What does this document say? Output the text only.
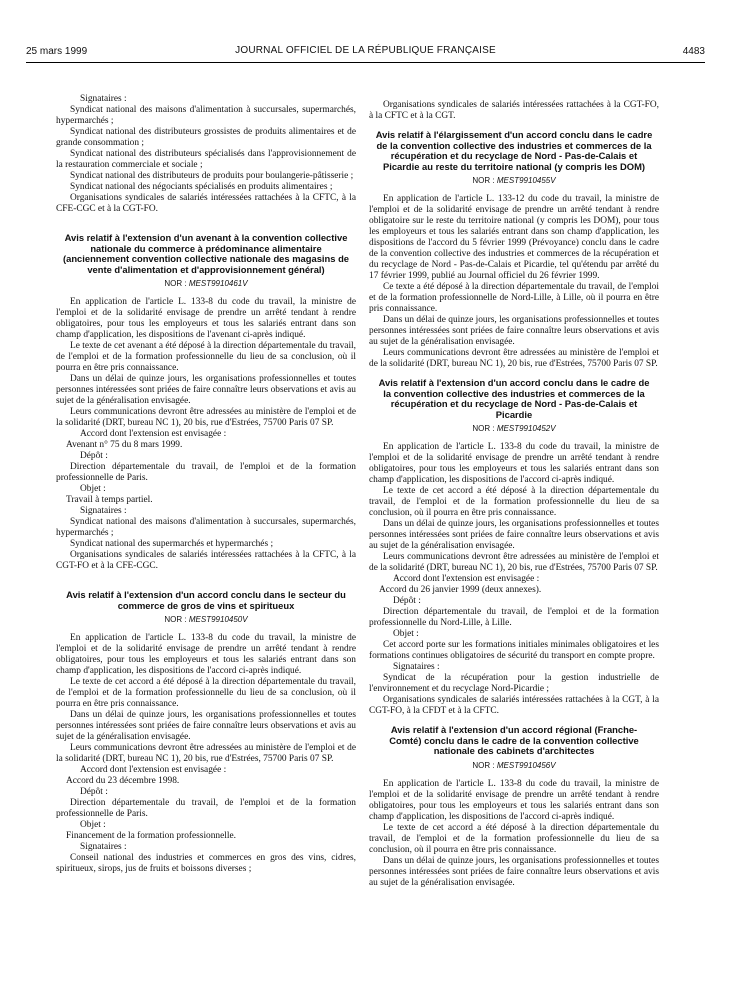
25 mars 1999	JOURNAL OFFICIEL DE LA RÉPUBLIQUE FRANÇAISE	4483

Signataires :

Syndicat national des maisons d'alimentation à succursales, supermarchés, hypermarchés ;

Syndicat national des distributeurs grossistes de produits alimentaires et de grande consommation ;

Syndicat national des distributeurs spécialisés dans l'approvisionnement de la restauration commerciale et sociale ;

Syndicat national des distributeurs de produits pour boulangerie-pâtisserie ;

Syndicat national des négociants spécialisés en produits alimentaires ;

Organisations syndicales de salariés intéressées rattachées à la CFTC, à la CFE-CGC et à la CGT-FO.

Avis relatif à l'extension d'un avenant à la convention collective nationale du commerce à prédominance alimentaire (anciennement convention collective nationale des magasins de vente d'alimentation et d'approvisionnement général)
NOR : MEST9910461V

En application de l'article L. 133-8 du code du travail, la ministre de l'emploi et de la solidarité envisage de prendre un arrêté tendant à rendre obligatoires, pour tous les employeurs et tous les salariés entrant dans son champ d'application, les dispositions de l'avenant ci-après indiqué.

Le texte de cet avenant a été déposé à la direction départementale du travail, de l'emploi et de la formation professionnelle du lieu de sa conclusion, où il pourra en être pris connaissance.

Dans un délai de quinze jours, les organisations professionnelles et toutes personnes intéressées sont priées de faire connaître leurs observations et avis au sujet de la généralisation envisagée.

Leurs communications devront être adressées au ministère de l'emploi et de la solidarité (DRT, bureau NC 1), 20 bis, rue d'Estrées, 75700 Paris 07 SP.

Accord dont l'extension est envisagée :

Avenant n° 75 du 8 mars 1999.

Dépôt :

Direction départementale du travail, de l'emploi et de la formation professionnelle de Paris.

Objet :

Travail à temps partiel.

Signataires :

Syndicat national des maisons d'alimentation à succursales, supermarchés, hypermarchés ;

Syndicat national des supermarchés et hypermarchés ;

Organisations syndicales de salariés intéressées rattachées à la CFTC, à la CGT-FO et à la CFE-CGC.

Avis relatif à l'extension d'un accord conclu dans le secteur du commerce de gros de vins et spiritueux
NOR : MEST9910450V

En application de l'article L. 133-8 du code du travail, la ministre de l'emploi et de la solidarité envisage de prendre un arrêté tendant à rendre obligatoires, pour tous les employeurs et tous les salariés entrant dans son champ d'application, les dispositions de l'accord ci-après indiqué.

Le texte de cet accord a été déposé à la direction départementale du travail, de l'emploi et de la formation professionnelle du lieu de sa conclusion, où il pourra en être pris connaissance.

Dans un délai de quinze jours, les organisations professionnelles et toutes personnes intéressées sont priées de faire connaître leurs observations et avis au sujet de la généralisation envisagée.

Leurs communications devront être adressées au ministère de l'emploi et de la solidarité (DRT, bureau NC 1), 20 bis, rue d'Estrées, 75700 Paris 07 SP.

Accord dont l'extension est envisagée :

Accord du 23 décembre 1998.

Dépôt :

Direction départementale du travail, de l'emploi et de la formation professionnelle de Paris.

Objet :

Financement de la formation professionnelle.

Signataires :

Conseil national des industries et commerces en gros des vins, cidres, spiritueux, sirops, jus de fruits et boissons diverses ;

Organisations syndicales de salariés intéressées rattachées à la CGT-FO, à la CFTC et à la CGT.

Avis relatif à l'élargissement d'un accord conclu dans le cadre de la convention collective des industries et commerces de la récupération et du recyclage de Nord - Pas-de-Calais et Picardie au reste du territoire national (y compris les DOM)
NOR : MEST9910455V

En application de l'article L. 133-12 du code du travail, la ministre de l'emploi et de la solidarité envisage de prendre un arrêté tendant à rendre obligatoire sur le reste du territoire national (y compris les DOM), pour tous les employeurs et tous les salariés entrant dans son champ d'application, les dispositions de l'accord du 5 février 1999 (Prévoyance) conclu dans le cadre de la convention collective des industries et commerces de la récupération et du recyclage de Nord - Pas-de-Calais et Picardie, tel qu'étendu par arrêté du 17 février 1999, publié au Journal officiel du 26 février 1999.

Ce texte a été déposé à la direction départementale du travail, de l'emploi et de la formation professionnelle de Nord-Lille, à Lille, où il pourra en être pris connaissance.

Dans un délai de quinze jours, les organisations professionnelles et toutes personnes intéressées sont priées de faire connaître leurs observations et avis au sujet de la généralisation envisagée.

Leurs communications devront être adressées au ministère de l'emploi et de la solidarité (DRT, bureau NC 1), 20 bis, rue d'Estrées, 75700 Paris 07 SP.

Avis relatif à l'extension d'un accord conclu dans le cadre de la convention collective des industries et commerces de la récupération et du recyclage de Nord - Pas-de-Calais et Picardie
NOR : MEST9910452V

En application de l'article L. 133-8 du code du travail, la ministre de l'emploi et de la solidarité envisage de prendre un arrêté tendant à rendre obligatoires, pour tous les employeurs et tous les salariés entrant dans son champ d'application, les dispositions de l'accord ci-après indiqué.

Le texte de cet accord a été déposé à la direction départementale du travail, de l'emploi et de la formation professionnelle du lieu de sa conclusion, où il pourra en être pris connaissance.

Dans un délai de quinze jours, les organisations professionnelles et toutes personnes intéressées sont priées de faire connaître leurs observations et avis au sujet de la généralisation envisagée.

Leurs communications devront être adressées au ministère de l'emploi et de la solidarité (DRT, bureau NC 1), 20 bis, rue d'Estrées, 75700 Paris 07 SP.

Accord dont l'extension est envisagée :

Accord du 26 janvier 1999 (deux annexes).

Dépôt :

Direction départementale du travail, de l'emploi et de la formation professionnelle du Nord-Lille, à Lille.

Objet :

Cet accord porte sur les formations initiales minimales obligatoires et les formations continues obligatoires de sécurité du transport en compte propre.

Signataires :

Syndicat de la récupération pour la gestion industrielle de l'environnement et du recyclage Nord-Picardie ;

Organisations syndicales de salariés intéressées rattachées à la CGT, à la CGT-FO, à la CFDT et à la CFTC.

Avis relatif à l'extension d'un accord régional (Franche-Comté) conclu dans le cadre de la convention collective nationale des cabinets d'architectes
NOR : MEST9910456V

En application de l'article L. 133-8 du code du travail, la ministre de l'emploi et de la solidarité envisage de prendre un arrêté tendant à rendre obligatoires, pour tous les employeurs et tous les salariés entrant dans son champ d'application, les dispositions de l'accord ci-après indiqué.

Le texte de cet accord a été déposé à la direction départementale du travail, de l'emploi et de la formation professionnelle du lieu de sa conclusion, où il pourra en être pris connaissance.

Dans un délai de quinze jours, les organisations professionnelles et toutes personnes intéressées sont priées de faire connaître leurs observations et avis au sujet de la généralisation envisagée.
